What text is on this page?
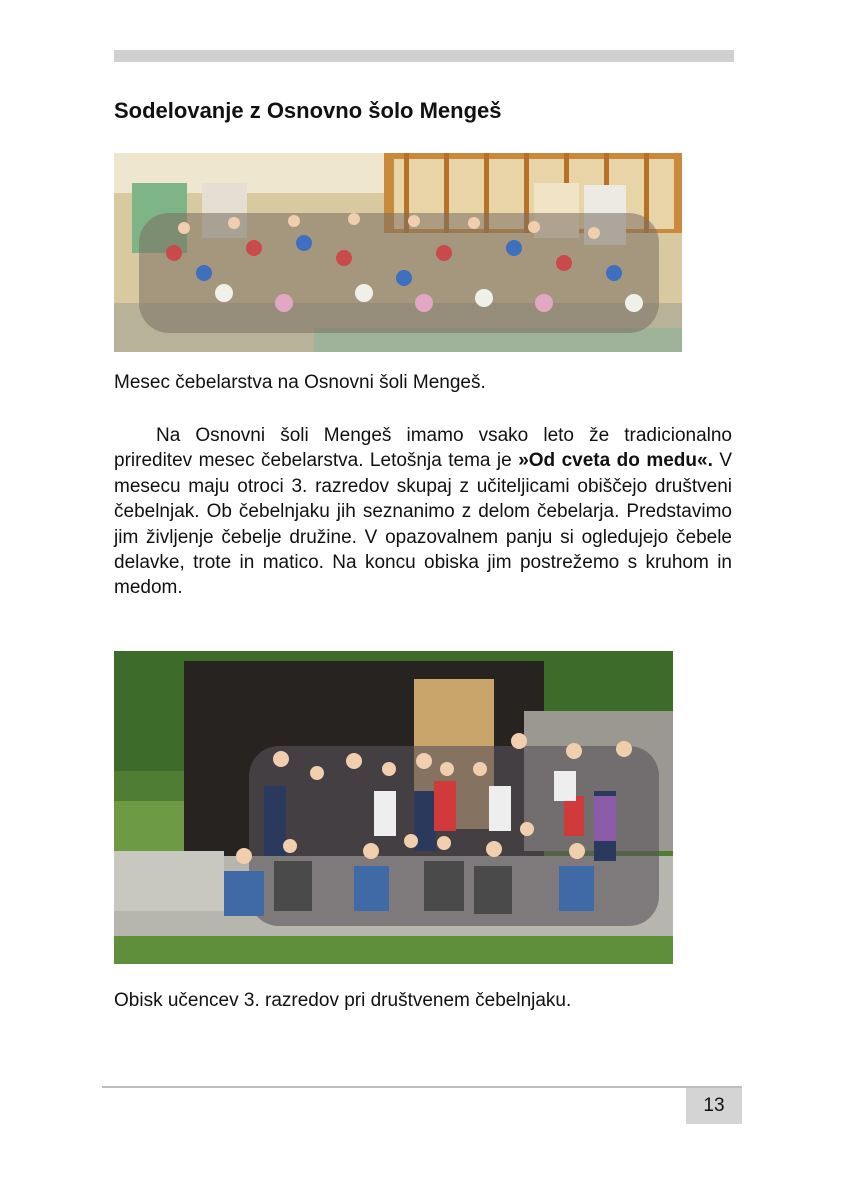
Sodelovanje z Osnovno šolo Mengeš

Mesec čebelarstva na Osnovni šoli Mengeš.

Na Osnovni šoli Mengeš imamo vsako leto že tradicionalno prireditev mesec čebelarstva. Letošnja tema je »Od cveta do medu«. V mesecu maju otroci 3. razredov skupaj z učiteljicami obiščejo društveni čebelnjak. Ob čebelnjaku jih seznanimo z delom čebelarja. Predstavimo jim življenje čebelje družine. V opazovalnem panju si ogledujejo čebele delavke, trote in matico. Na koncu obiska jim postrežemo s kruhom in medom.

Obisk učencev 3. razredov pri društvenem čebelnjaku.

13
